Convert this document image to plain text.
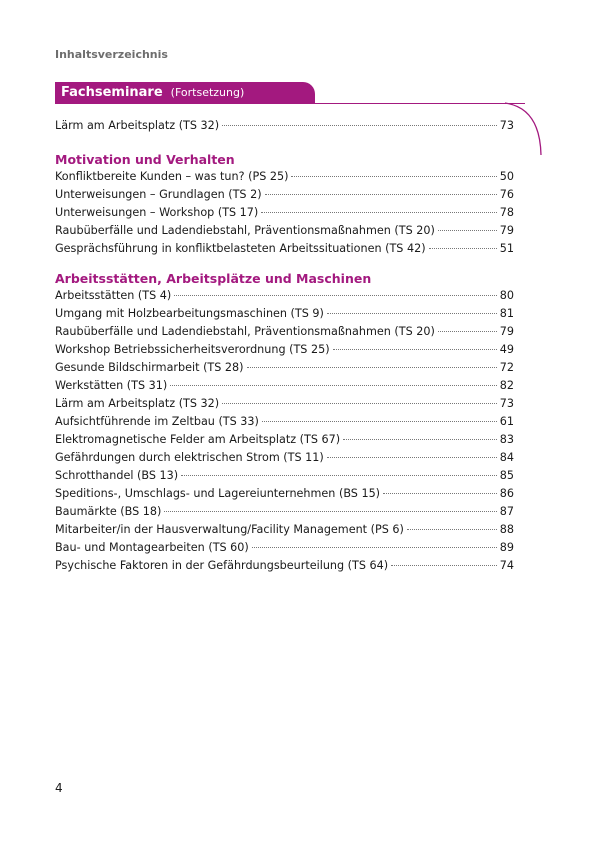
Inhaltsverzeichnis
Fachseminare (Fortsetzung)
Lärm am Arbeitsplatz (TS 32)	73
Motivation und Verhalten
Konfliktbereite Kunden – was tun? (PS 25)	50
Unterweisungen – Grundlagen (TS 2)	76
Unterweisungen – Workshop (TS 17)	78
Raubüberfälle und Ladendiebstahl, Präventionsmaßnahmen (TS 20)	79
Gesprächsführung in konfliktbelasteten Arbeitssituationen (TS 42)	51
Arbeitsstätten, Arbeitsplätze und Maschinen
Arbeitsstätten (TS 4)	80
Umgang mit Holzbearbeitungsmaschinen (TS 9)	81
Raubüberfälle und Ladendiebstahl, Präventionsmaßnahmen (TS 20)	79
Workshop Betriebssicherheitsverordnung (TS 25)	49
Gesunde Bildschirmarbeit (TS 28)	72
Werkstätten (TS 31)	82
Lärm am Arbeitsplatz (TS 32)	73
Aufsichtführende im Zeltbau (TS 33)	61
Elektromagnetische Felder am Arbeitsplatz (TS 67)	83
Gefährdungen durch elektrischen Strom (TS 11)	84
Schrotthandel (BS 13)	85
Speditions-, Umschlags- und Lagereiunternehmen (BS 15)	86
Baumärkte (BS 18)	87
Mitarbeiter/in der Hausverwaltung/Facility Management (PS 6)	88
Bau- und Montagearbeiten (TS 60)	89
Psychische Faktoren in der Gefährdungsbeurteilung (TS 64)	74
4
